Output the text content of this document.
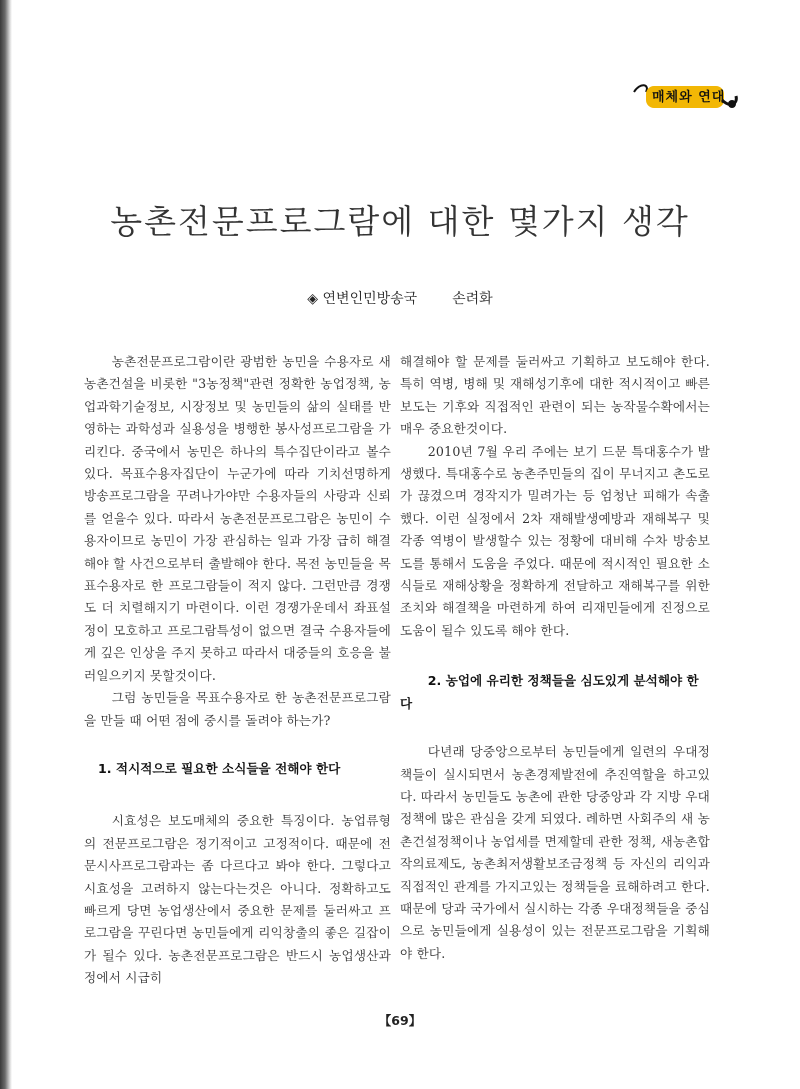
매체와 연대
농촌전문프로그람에 대한 몇가지 생각
◈ 연변인민방송국 손려화

농촌전문프로그람이란 광범한 농민을 수용자로 새 농촌건설을 비롯한 "3농정책"관련 정확한 농업정책, 농업과학기술정보, 시장정보 및 농민들의 삶의 실태를 반영하는 과학성과 실용성을 병행한 봉사성프로그람을 가리킨다. 중국에서 농민은 하나의 특수집단이라고 볼수 있다. 목표수용자집단이 누군가에 따라 기치선명하게 방송프로그람을 꾸려나가야만 수용자들의 사랑과 신뢰를 얻을수 있다. 따라서 농촌전문프로그람은 농민이 수용자이므로 농민이 가장 관심하는 일과 가장 급히 해결해야 할 사건으로부터 출발해야 한다. 목전 농민들을 목표수용자로 한 프로그람들이 적지 않다. 그런만큼 경쟁도 더 치렬해지기 마련이다. 이런 경쟁가운데서 좌표설정이 모호하고 프로그람특성이 없으면 결국 수용자들에게 깊은 인상을 주지 못하고 따라서 대중들의 호응을 불러일으키지 못할것이다.

그럼 농민들을 목표수용자로 한 농촌전문프로그람을 만들 때 어떤 점에 중시를 돌려야 하는가?

1. 적시적으로 필요한 소식들을 전해야 한다

시효성은 보도매체의 중요한 특징이다. 농업류형의 전문프로그람은 정기적이고 고정적이다. 때문에 전문시사프로그람과는 좀 다르다고 봐야 한다. 그렇다고 시효성을 고려하지 않는다는것은 아니다. 정확하고도 빠르게 당면 농업생산에서 중요한 문제를 둘러싸고 프로그람을 꾸린다면 농민들에게 리익창출의 좋은 길잡이가 될수 있다. 농촌전문프로그람은 반드시 농업생산과정에서 시급히

해결해야 할 문제를 둘러싸고 기획하고 보도해야 한다. 특히 역병, 병해 및 재해성기후에 대한 적시적이고 빠른 보도는 기후와 직접적인 관련이 되는 농작물수확에서는 매우 중요한것이다.

2010년 7월 우리 주에는 보기 드문 특대홍수가 발생했다. 특대홍수로 농촌주민들의 집이 무너지고 촌도로가 끊겼으며 경작지가 밀려가는 등 엄청난 피해가 속출했다. 이런 실정에서 2차 재해발생예방과 재해복구 및 각종 역병이 발생할수 있는 정황에 대비해 수차 방송보도를 통해서 도움을 주었다. 때문에 적시적인 필요한 소식들로 재해상황을 정확하게 전달하고 재해복구를 위한 조치와 해결책을 마련하게 하여 리재민들에게 진정으로 도움이 될수 있도록 해야 한다.

2. 농업에 유리한 정책들을 심도있게 분석해야 한다

다년래 당중앙으로부터 농민들에게 일련의 우대정책들이 실시되면서 농촌경제발전에 추진역할을 하고있다. 따라서 농민들도 농촌에 관한 당중앙과 각 지방 우대정책에 많은 관심을 갖게 되였다. 례하면 사회주의 새 농촌건설정책이나 농업세를 면제할데 관한 정책, 새농촌합작의료제도, 농촌최저생활보조금정책 등 자신의 리익과 직접적인 관계를 가지고있는 정책들을 료해하려고 한다. 때문에 당과 국가에서 실시하는 각종 우대정책들을 중심으로 농민들에게 실용성이 있는 전문프로그람을 기획해야 한다.

【69】
